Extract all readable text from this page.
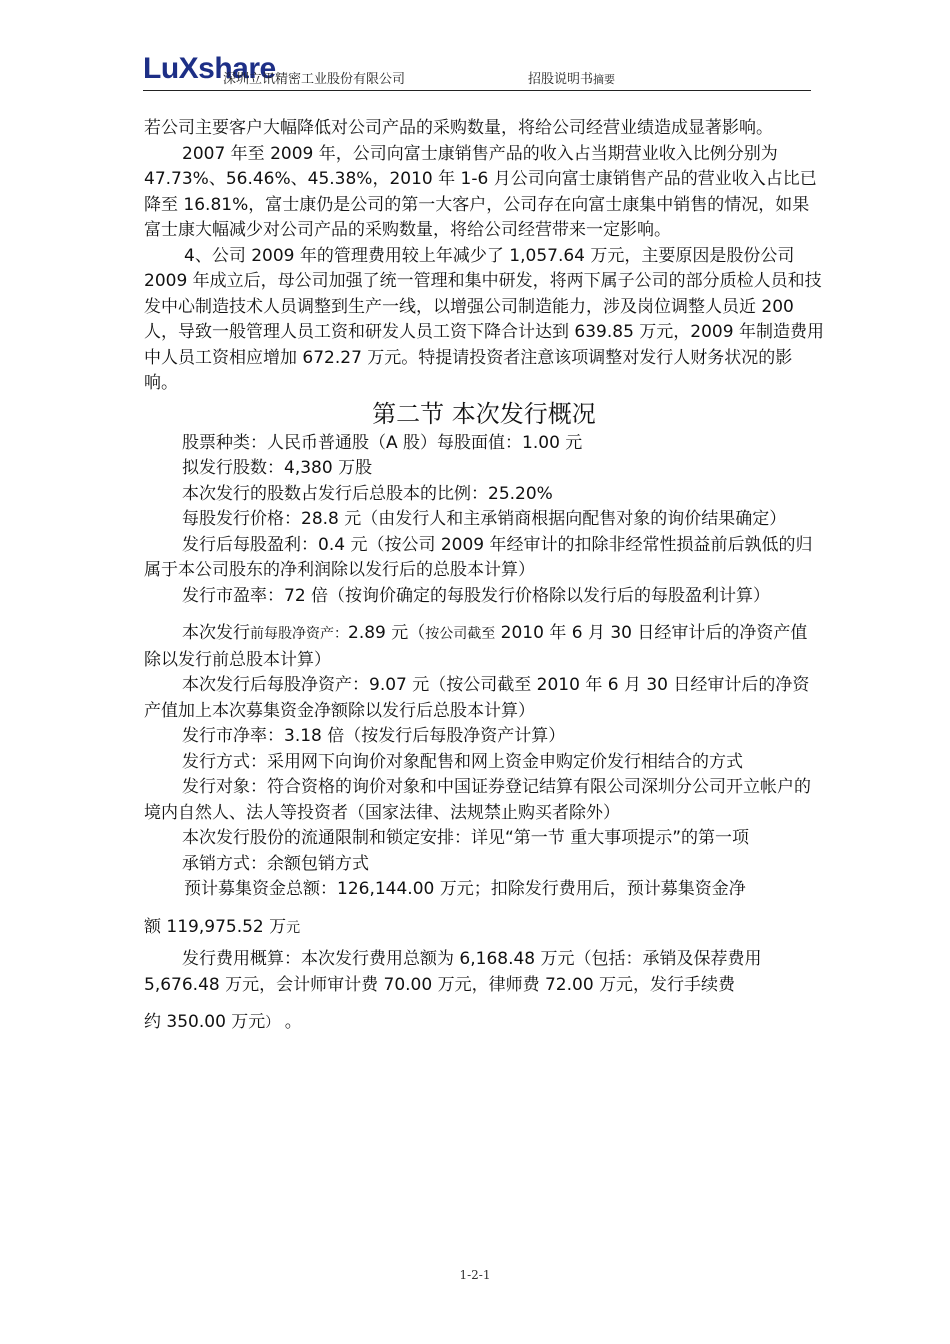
LuXshare
深圳立讯精密工业股份有限公司	招股说明书摘要

若公司主要客户大幅降低对公司产品的采购数量，将给公司经营业绩造成显著影响。

2007 年至 2009 年，公司向富士康销售产品的收入占当期营业收入比例分别为 47.73%、56.46%、45.38%，2010 年 1-6 月公司向富士康销售产品的营业收入占比已降至 16.81%，富士康仍是公司的第一大客户，公司存在向富士康集中销售的情况，如果富士康大幅减少对公司产品的采购数量，将给公司经营带来一定影响。

4、公司 2009 年的管理费用较上年减少了 1,057.64 万元，主要原因是股份公司 2009 年成立后，母公司加强了统一管理和集中研发，将两下属子公司的部分质检人员和技发中心制造技术人员调整到生产一线，以增强公司制造能力，涉及岗位调整人员近 200 人，导致一般管理人员工资和研发人员工资下降合计达到 639.85 万元，2009 年制造费用中人员工资相应增加 672.27 万元。特提请投资者注意该项调整对发行人财务状况的影响。

第二节 本次发行概况

股票种类：人民币普通股（A 股）每股面值：1.00 元

拟发行股数：4,380 万股

本次发行的股数占发行后总股本的比例：25.20%

每股发行价格：28.8 元（由发行人和主承销商根据向配售对象的询价结果确定）

发行后每股盈利：0.4 元（按公司 2009 年经审计的扣除非经常性损益前后孰低的归属于本公司股东的净利润除以发行后的总股本计算）

发行市盈率：72 倍（按询价确定的每股发行价格除以发行后的每股盈利计算）

本次发行前每股净资产：2.89 元（按公司截至 2010 年 6 月 30 日经审计后的净资产值除以发行前总股本计算）

本次发行后每股净资产：9.07 元（按公司截至 2010 年 6 月 30 日经审计后的净资产值加上本次募集资金净额除以发行后总股本计算）

发行市净率：3.18 倍（按发行后每股净资产计算）

发行方式：采用网下向询价对象配售和网上资金申购定价发行相结合的方式

发行对象：符合资格的询价对象和中国证券登记结算有限公司深圳分公司开立帐户的境内自然人、法人等投资者（国家法律、法规禁止购买者除外）

本次发行股份的流通限制和锁定安排：详见“第一节 重大事项提示”的第一项

承销方式：余额包销方式

预计募集资金总额：126,144.00 万元；扣除发行费用后，预计募集资金净

额 119,975.52 万元

发行费用概算：本次发行费用总额为 6,168.48 万元（包括：承销及保荐费用 5,676.48 万元，会计师审计费 70.00 万元，律师费 72.00 万元，发行手续费

约 350.00 万元） 。

1-2-1
